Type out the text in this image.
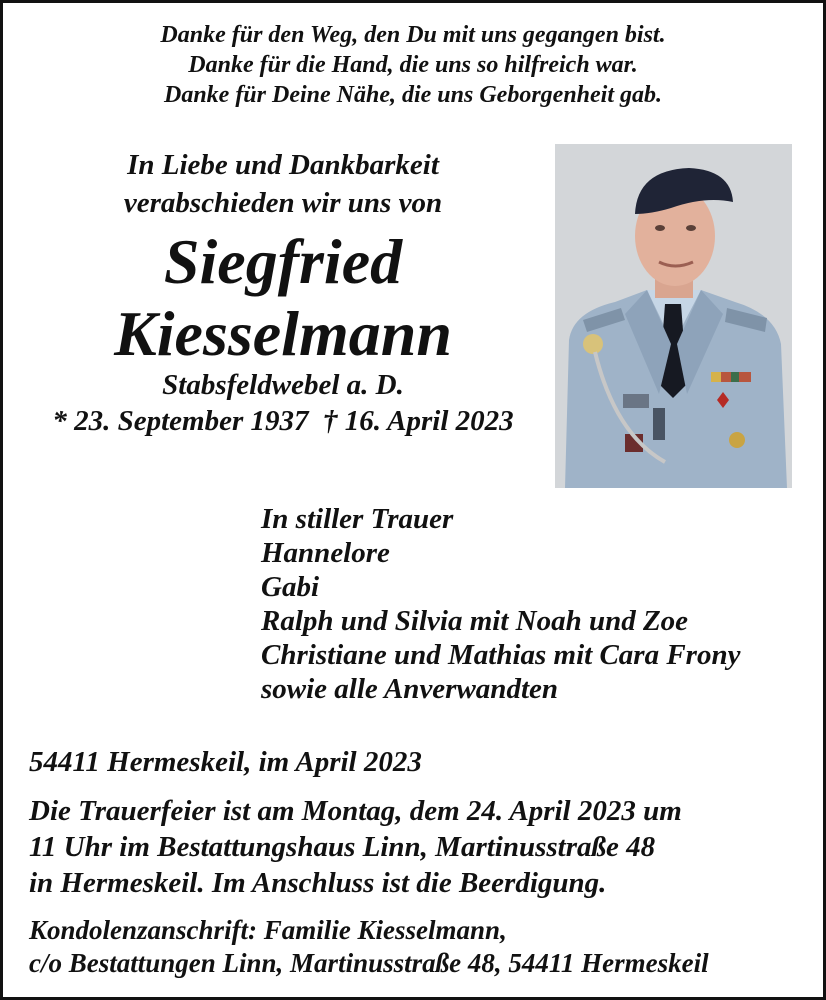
Danke für den Weg, den Du mit uns gegangen bist.
Danke für die Hand, die uns so hilfreich war.
Danke für Deine Nähe, die uns Geborgenheit gab.
In Liebe und Dankbarkeit
verabschieden wir uns von
Siegfried
Kiesselmann
Stabsfeldwebel a. D.
* 23. September 1937  † 16. April 2023
In stiller Trauer
Hannelore
Gabi
Ralph und Silvia mit Noah und Zoe
Christiane und Mathias mit Cara Frony
sowie alle Anverwandten
54411 Hermeskeil, im April 2023
Die Trauerfeier ist am Montag, dem 24. April 2023 um
11 Uhr im Bestattungshaus Linn, Martinusstraße 48
in Hermeskeil. Im Anschluss ist die Beerdigung.
Kondolenzanschrift: Familie Kiesselmann,
c/o Bestattungen Linn, Martinusstraße 48, 54411 Hermeskeil
